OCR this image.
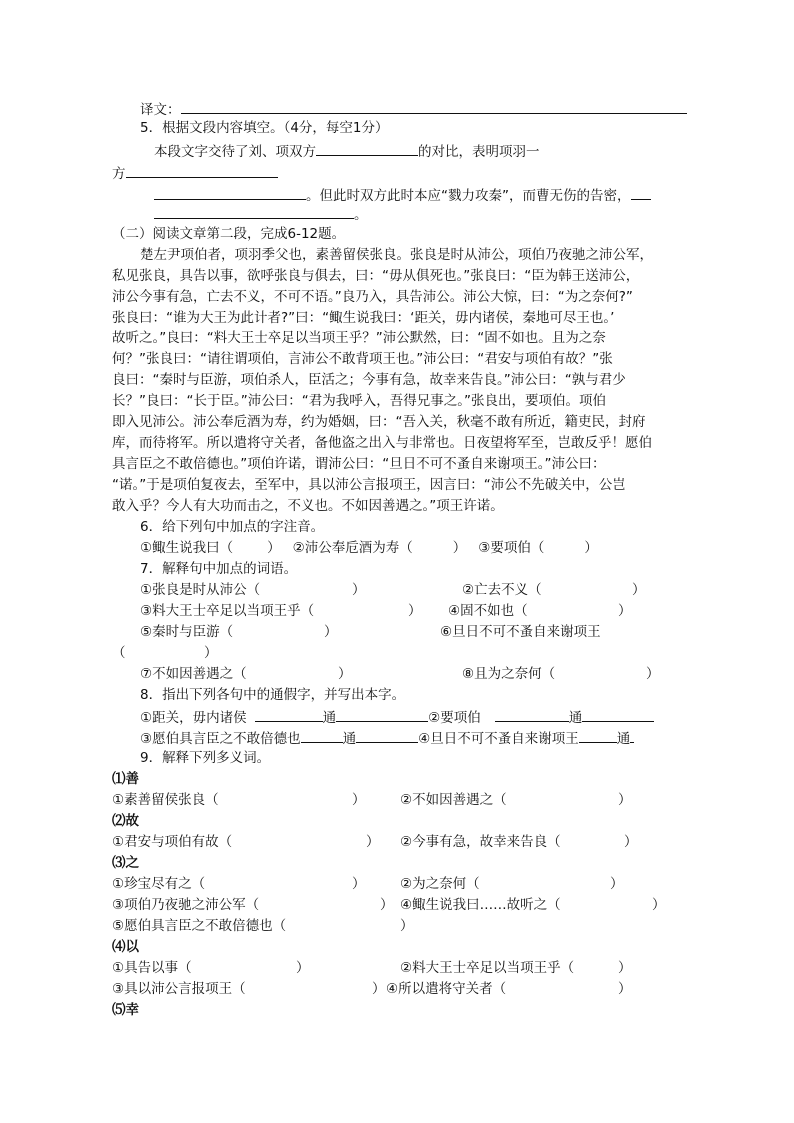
译文：
5．根据文段内容填空。（4分，每空1分）
本段文字交待了刘、项双方	的对比，表明项羽一
方
。但此时双方此时本应“戮力攻秦”，而曹无伤的告密，
。
（二）阅读文章第二段，完成6-12题。
楚左尹项伯者，项羽季父也，素善留侯张良。张良是时从沛公，项伯乃夜驰之沛公军，
私见张良，具告以事，欲呼张良与俱去，曰：“毋从俱死也。”张良曰：“臣为韩王送沛公，
沛公今事有急，亡去不义，不可不语。”良乃入，具告沛公。沛公大惊，曰：“为之奈何?”
张良曰：“谁为大王为此计者?”曰：“鲰生说我曰：‘距关，毋内诸侯，秦地可尽王也。’
故听之。”良曰：“料大王士卒足以当项王乎？”沛公默然，曰：“固不如也。且为之奈
何？”张良曰：“请往谓项伯，言沛公不敢背项王也。”沛公曰：“君安与项伯有故？”张
良曰：“秦时与臣游，项伯杀人，臣活之；今事有急，故幸来告良。”沛公曰：“孰与君少
长？”良曰：“长于臣。”沛公曰：“君为我呼入，吾得兄事之。”张良出，要项伯。项伯
即入见沛公。沛公奉卮酒为寿，约为婚姻，曰：“吾入关，秋毫不敢有所近，籍吏民，封府
库，而待将军。所以遣将守关者，备他盗之出入与非常也。日夜望将军至，岂敢反乎！愿伯
具言臣之不敢倍德也。”项伯许诺，谓沛公曰：“旦日不可不蚤自来谢项王。”沛公曰：
“诺。”于是项伯复夜去，至军中，具以沛公言报项王，因言曰：“沛公不先破关中，公岂
敢入乎？今人有大功而击之，不义也。不如因善遇之。”项王许诺。
6．给下列句中加点的字注音。
①鲰生说我曰（	） ②沛公奉卮酒为寿（	） ③要项伯（	）
7．解释句中加点的词语。
①张良是时从沛公（	）	②亡去不义（	）
③料大王士卒足以当项王乎（	） ④固不如也（	）
⑤秦时与臣游（	）	⑥旦日不可不蚤自来谢项王
（	）
⑦不如因善遇之（	）	⑧且为之奈何（	）
8．指出下列各句中的通假字，并写出本字。
①距关，毋内诸侯	通	②要项伯	通
③愿伯具言臣之不敢倍德也	通	④旦日不可不蚤自来谢项王	通
9．解释下列多义词。
⑴善
①素善留侯张良（	）	②不如因善遇之（	）
⑵故
①君安与项伯有故（	） ②今事有急，故幸来告良（	）
⑶之
①珍宝尽有之（	）	②为之奈何（	）
③项伯乃夜驰之沛公军（	） ④鲰生说我曰……故听之（	）
⑤愿伯具言臣之不敢倍德也（	）
⑷以
①具告以事（	）	②料大王士卒足以当项王乎（	）
③具以沛公言报项王（	） ④所以遣将守关者（	）
⑸幸
